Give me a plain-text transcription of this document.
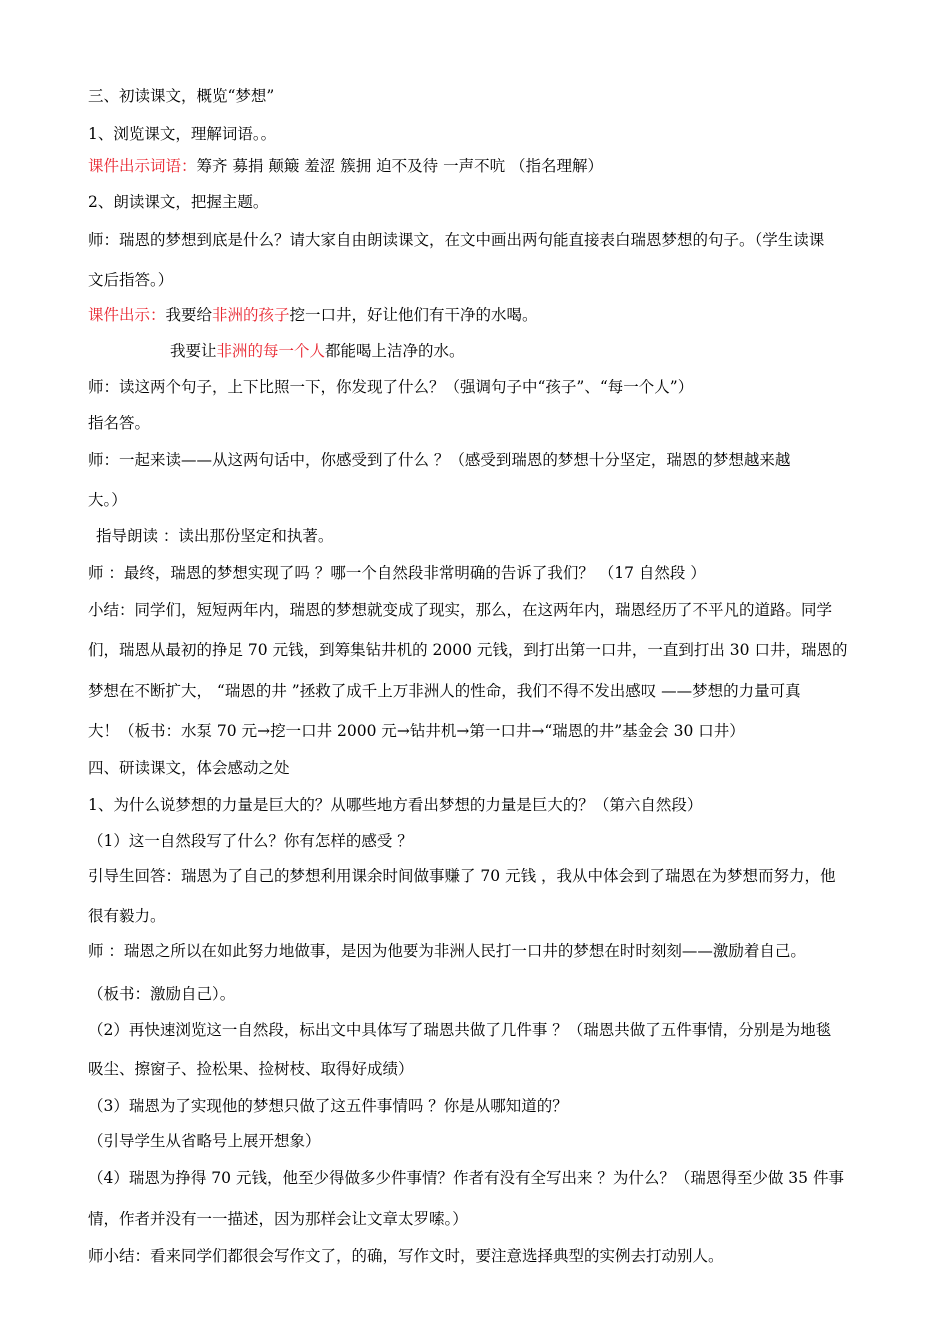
三、初读课文，概览“梦想”
1、浏览课文，理解词语。。
课件出示词语：筹齐 募捐 颠簸 羞涩 簇拥 迫不及待 一声不吭 （指名理解）
2、朗读课文，把握主题。
师：瑞恩的梦想到底是什么？请大家自由朗读课文，在文中画出两句能直接表白瑞恩梦想的句子。（学生读课
文后指答。）
课件出示：我要给非洲的孩子挖一口井，好让他们有干净的水喝。
我要让非洲的每一个人都能喝上洁净的水。
师：读这两个句子，上下比照一下，你发现了什么？（强调句子中“孩子”、“每一个人”）
指名答。
师：一起来读——从这两句话中，你感受到了什么 ？（感受到瑞恩的梦想十分坚定，瑞恩的梦想越来越
大。）
指导朗读 ：读出那份坚定和执著。
师 ：最终，瑞恩的梦想实现了吗 ？哪一个自然段非常明确的告诉了我们？ （17 自然段 ）
小结：同学们，短短两年内，瑞恩的梦想就变成了现实，那么，在这两年内，瑞恩经历了不平凡的道路。同学
们，瑞恩从最初的挣足 70 元钱，到筹集钻井机的 2000 元钱，到打出第一口井，一直到打出 30 口井，瑞恩的
梦想在不断扩大， “瑞恩的井 ”拯救了成千上万非洲人的性命，我们不得不发出感叹 ——梦想的力量可真
大！（板书：水泵 70 元→挖一口井 2000 元→钻井机→第一口井→“瑞恩的井”基金会 30 口井）
四、研读课文，体会感动之处
1、为什么说梦想的力量是巨大的？从哪些地方看出梦想的力量是巨大的？（第六自然段）
（1）这一自然段写了什么？你有怎样的感受 ？
引导生回答：瑞恩为了自己的梦想利用课余时间做事赚了 70 元钱 ，我从中体会到了瑞恩在为梦想而努力，他
很有毅力。
师 ：瑞恩之所以在如此努力地做事，是因为他要为非洲人民打一口井的梦想在时时刻刻——激励着自己。
（板书：激励自己）。
（2）再快速浏览这一自然段，标出文中具体写了瑞恩共做了几件事 ？（瑞恩共做了五件事情，分别是为地毯
吸尘、擦窗子、捡松果、捡树枝、取得好成绩）
（3）瑞恩为了实现他的梦想只做了这五件事情吗 ？你是从哪知道的？
（引导学生从省略号上展开想象）
（4）瑞恩为挣得 70 元钱，他至少得做多少件事情？作者有没有全写出来 ？为什么？（瑞恩得至少做 35 件事
情，作者并没有一一描述，因为那样会让文章太罗嗦。）
师小结：看来同学们都很会写作文了，的确，写作文时，要注意选择典型的实例去打动别人。
